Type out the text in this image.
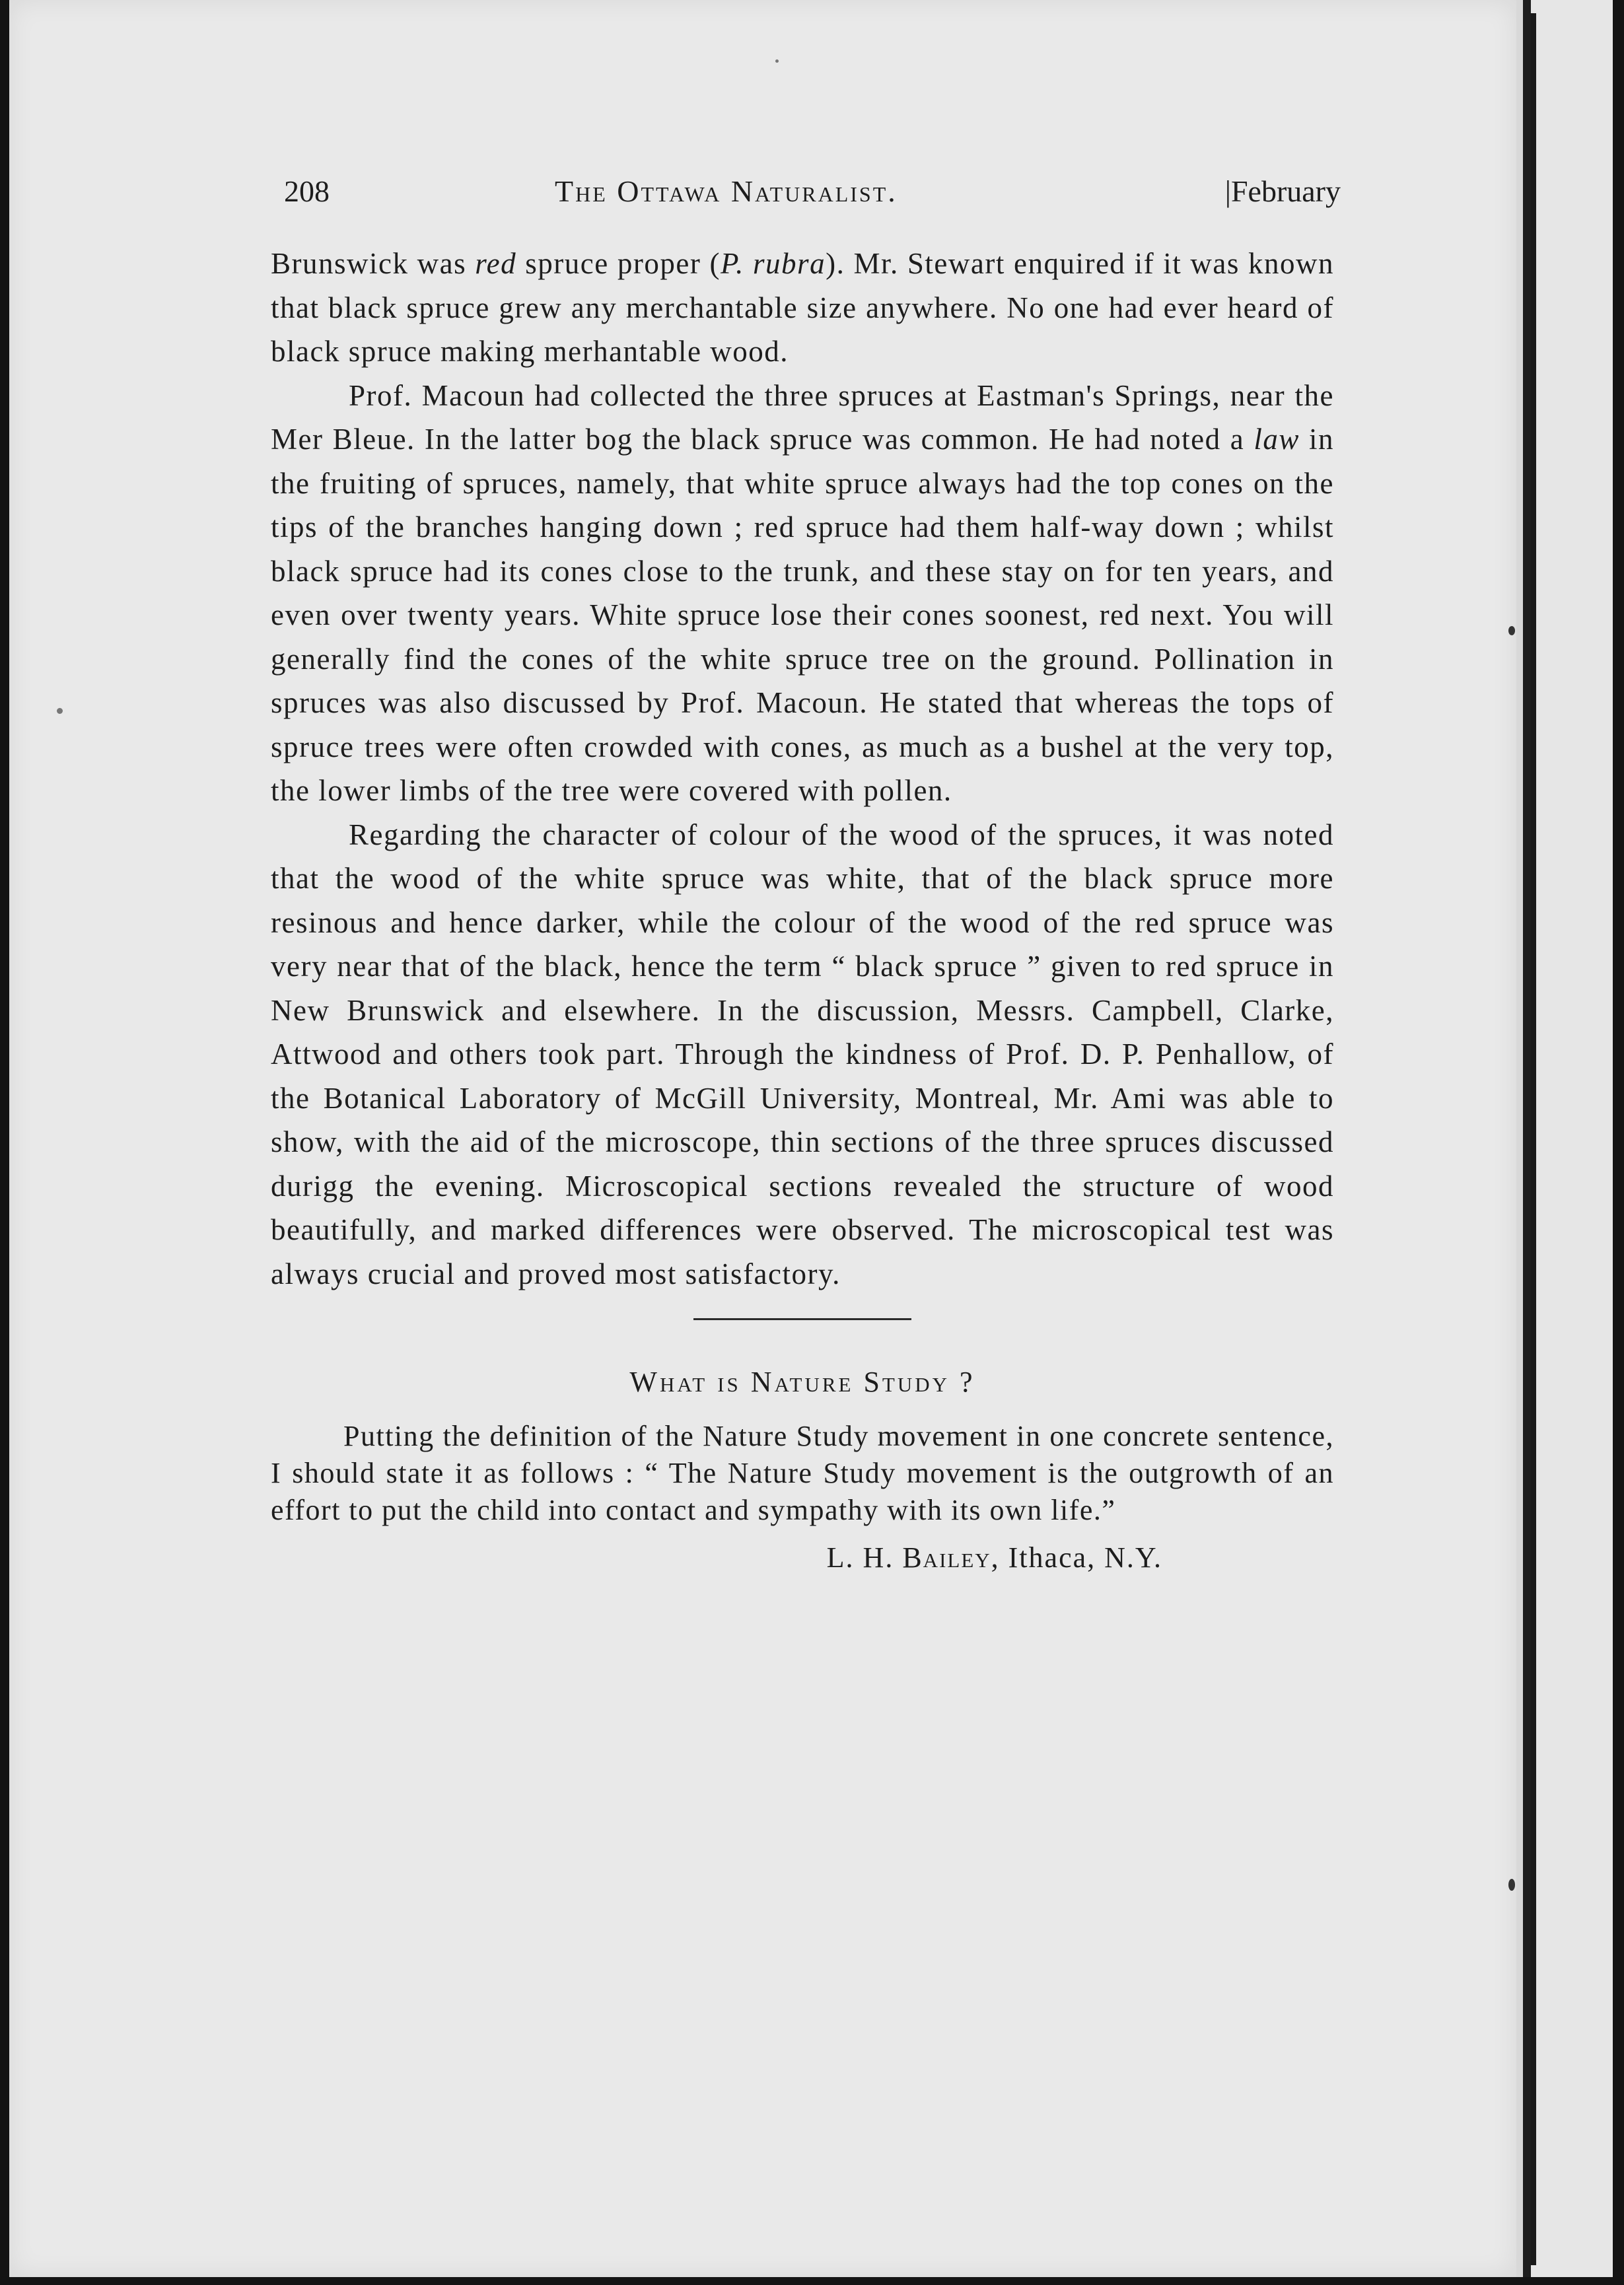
208	The Ottawa Naturalist.	|February

Brunswick was red spruce proper (P. rubra). Mr. Stewart enquired if it was known that black spruce grew any merchantable size anywhere. No one had ever heard of black spruce making merhantable wood.

Prof. Macoun had collected the three spruces at Eastman's Springs, near the Mer Bleue. In the latter bog the black spruce was common. He had noted a law in the fruiting of spruces, namely, that white spruce always had the top cones on the tips of the branches hanging down ; red spruce had them half-way down ; whilst black spruce had its cones close to the trunk, and these stay on for ten years, and even over twenty years. White spruce lose their cones soonest, red next. You will generally find the cones of the white spruce tree on the ground. Pollination in spruces was also discussed by Prof. Macoun. He stated that whereas the tops of spruce trees were often crowded with cones, as much as a bushel at the very top, the lower limbs of the tree were covered with pollen.

Regarding the character of colour of the wood of the spruces, it was noted that the wood of the white spruce was white, that of the black spruce more resinous and hence darker, while the colour of the wood of the red spruce was very near that of the black, hence the term “ black spruce ” given to red spruce in New Brunswick and elsewhere. In the discussion, Messrs. Campbell, Clarke, Attwood and others took part. Through the kindness of Prof. D. P. Penhallow, of the Botanical Laboratory of McGill University, Montreal, Mr. Ami was able to show, with the aid of the microscope, thin sections of the three spruces discussed durigg the evening. Microscopical sections revealed the structure of wood beautifully, and marked differences were observed. The microscopical test was always crucial and proved most satisfactory.

What is Nature Study ?
Putting the definition of the Nature Study movement in one concrete sentence, I should state it as follows : “ The Nature Study movement is the outgrowth of an effort to put the child into contact and sympathy with its own life.”
L. H. Bailey, Ithaca, N.Y.
